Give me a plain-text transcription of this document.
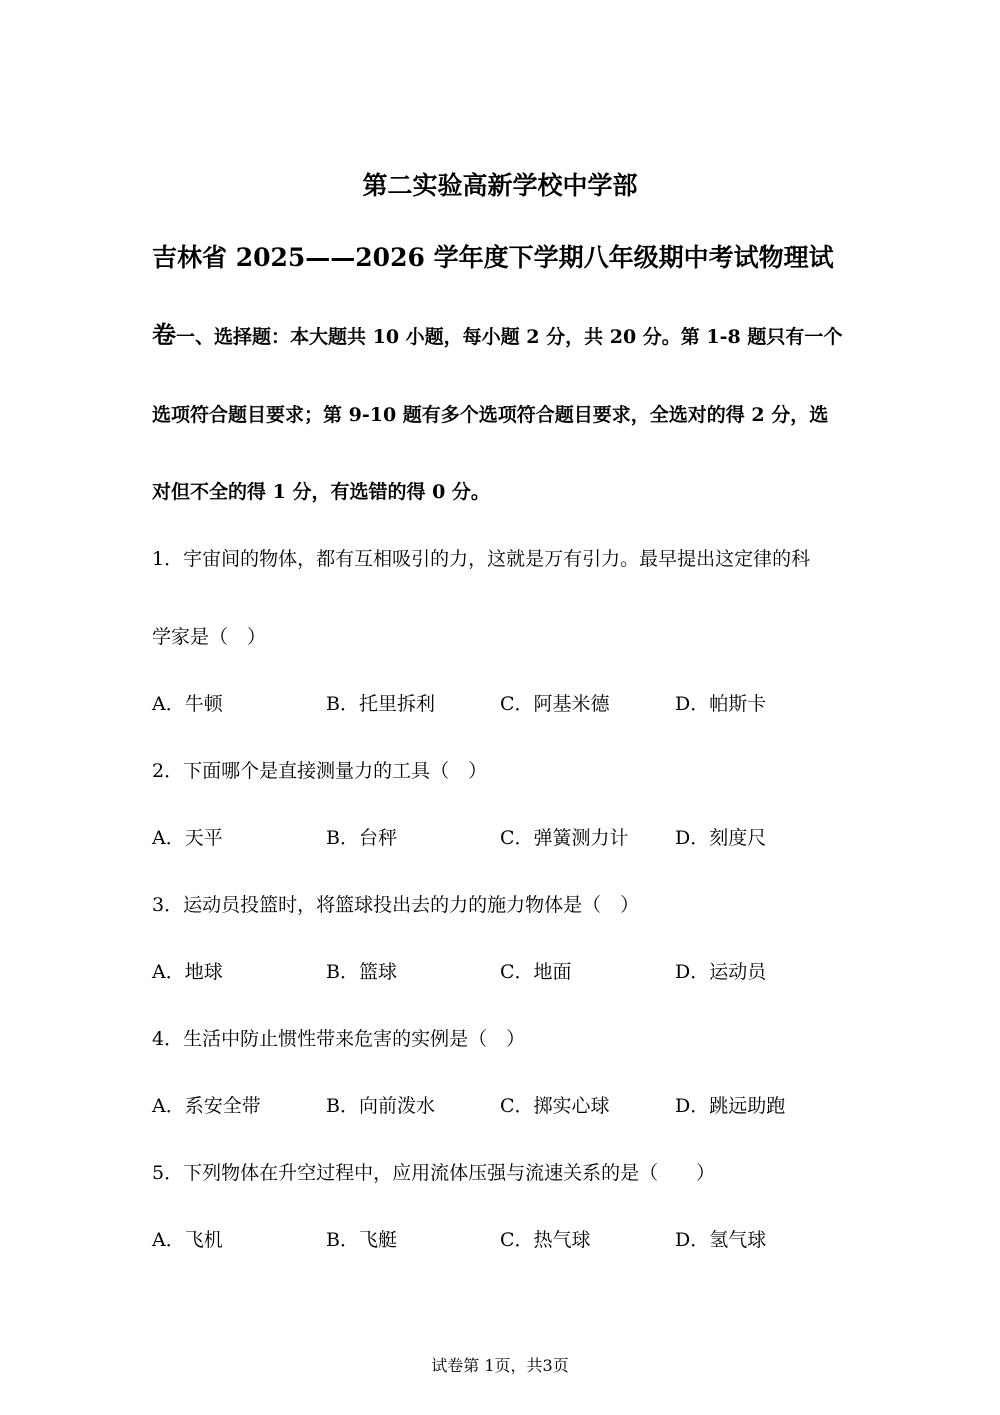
第二实验高新学校中学部
吉林省 2025——2026 学年度下学期八年级期中考试物理试
卷一、选择题：本大题共 10 小题，每小题 2 分，共 20 分。第 1-8 题只有一个
选项符合题目要求；第 9-10 题有多个选项符合题目要求，全选对的得 2 分，选
对但不全的得 1 分，有选错的得 0 分。
1．宇宙间的物体，都有互相吸引的力，这就是万有引力。最早提出这定律的科
学家是（　）
A．牛顿	B．托里拆利	C．阿基米德	D．帕斯卡
2．下面哪个是直接测量力的工具（　）
A．天平	B．台秤	C．弹簧测力计 D．刻度尺
3．运动员投篮时，将篮球投出去的力的施力物体是（　）
A．地球	B．篮球	C．地面	D．运动员
4．生活中防止惯性带来危害的实例是（　）
A．系安全带	B．向前泼水	C．掷实心球	D．跳远助跑
5．下列物体在升空过程中，应用流体压强与流速关系的是（　　）
A．飞机	B．飞艇	C．热气球	D．氢气球
试卷第 1页，共3页
